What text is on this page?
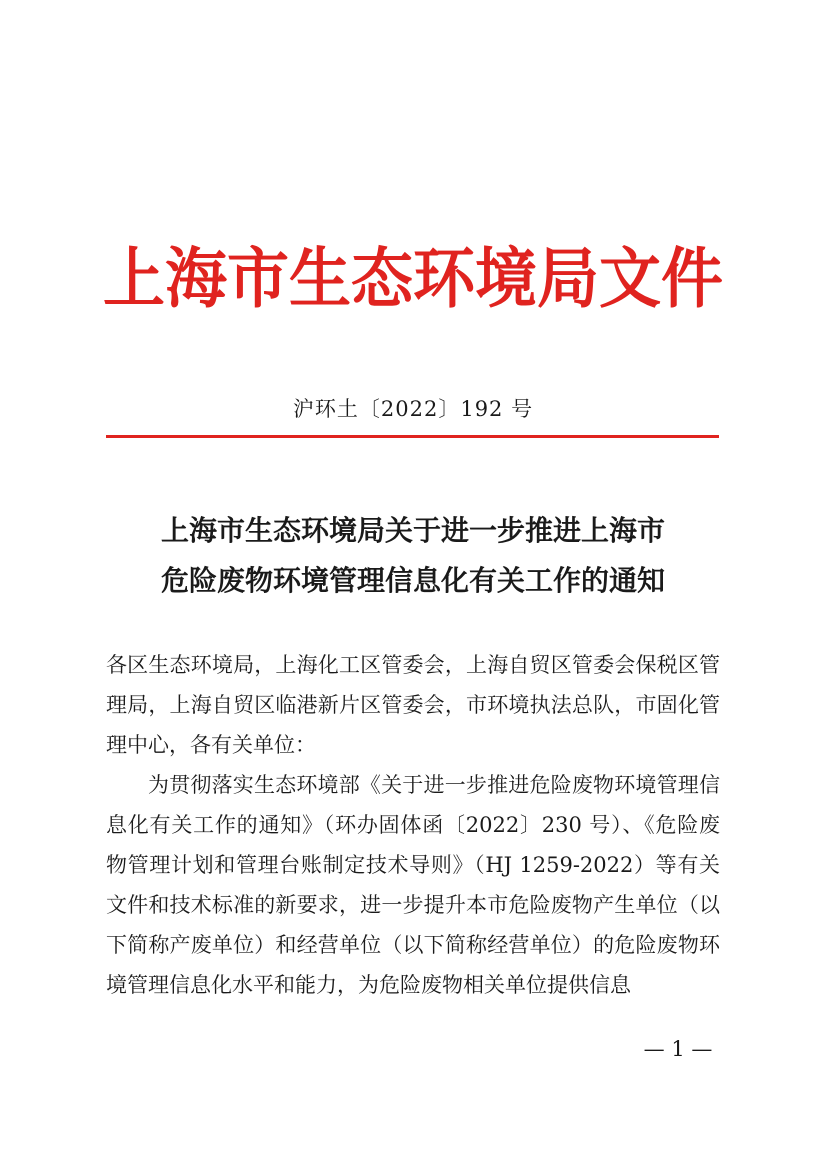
上海市生态环境局文件
沪环土〔2022〕192 号
上海市生态环境局关于进一步推进上海市
危险废物环境管理信息化有关工作的通知

各区生态环境局，上海化工区管委会，上海自贸区管委会保税区管理局，上海自贸区临港新片区管委会，市环境执法总队，市固化管理中心，各有关单位：

为贯彻落实生态环境部《关于进一步推进危险废物环境管理信息化有关工作的通知》（环办固体函〔2022〕230 号）、《危险废物管理计划和管理台账制定技术导则》（HJ 1259-2022）等有关文件和技术标准的新要求，进一步提升本市危险废物产生单位（以下简称产废单位）和经营单位（以下简称经营单位）的危险废物环境管理信息化水平和能力，为危险废物相关单位提供信息

— 1 —
